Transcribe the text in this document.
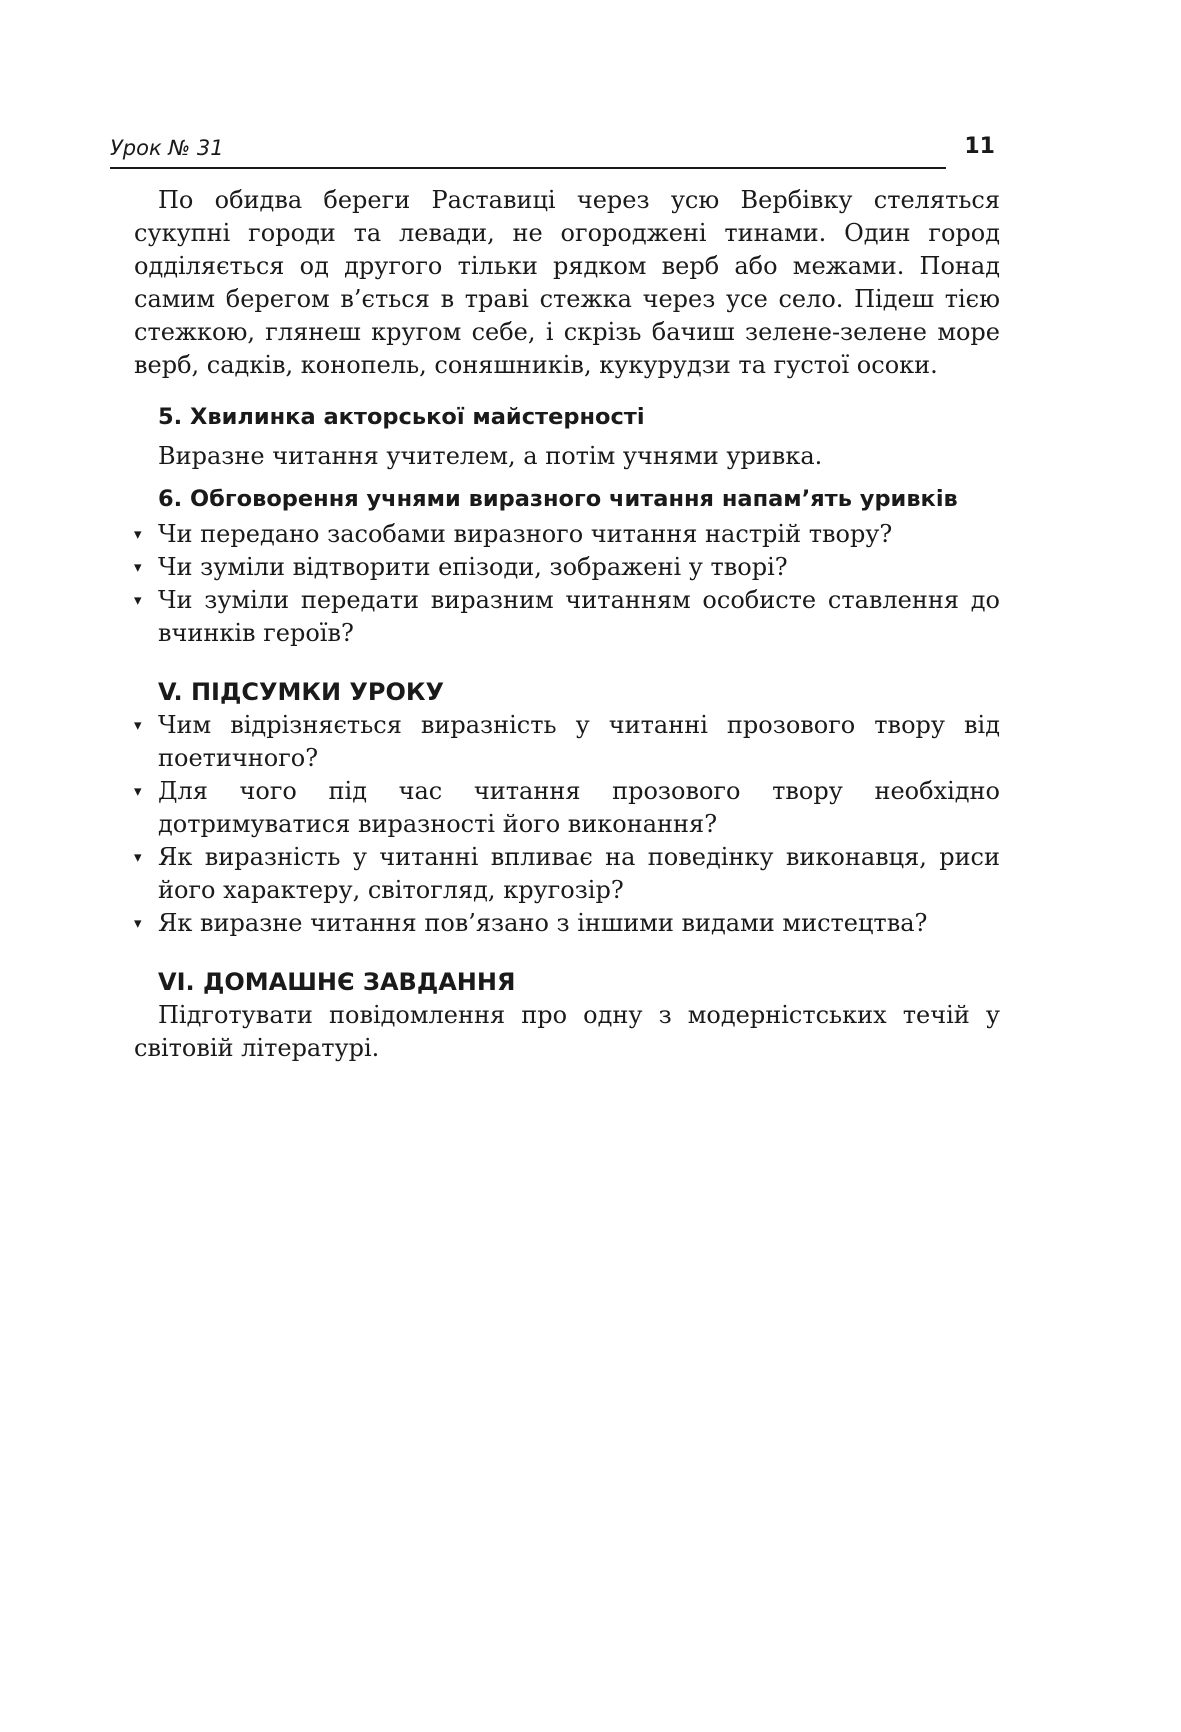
Урок № 31	11

По обидва береги Раставиці через усю Вербівку стеляться сукупні городи та левади, не огороджені тинами. Один город одділяється од другого тільки рядком верб або межами. Понад самим берегом в’ється в траві стежка через усе село. Підеш тією стежкою, глянеш кругом себе, і скрізь бачиш зелене-зелене море верб, садків, конопель, соняшників, кукурудзи та густої осоки.

5. Хвилинка акторської майстерності

Виразне читання учителем, а потім учнями уривка.

6. Обговорення учнями виразного читання напам’ять уривків

▾ Чи передано засобами виразного читання настрій твору?
▾ Чи зуміли відтворити епізоди, зображені у творі?
▾ Чи зуміли передати виразним читанням особисте ставлення до вчинків героїв?

V. ПІДСУМКИ УРОКУ

▾ Чим відрізняється виразність у читанні прозового твору від поетичного?
▾ Для чого під час читання прозового твору необхідно дотримуватися виразності його виконання?
▾ Як виразність у читанні впливає на поведінку виконавця, риси його характеру, світогляд, кругозір?
▾ Як виразне читання пов’язано з іншими видами мистецтва?

VI. ДОМАШНЄ ЗАВДАННЯ

Підготувати повідомлення про одну з модерністських течій у світовій літературі.
